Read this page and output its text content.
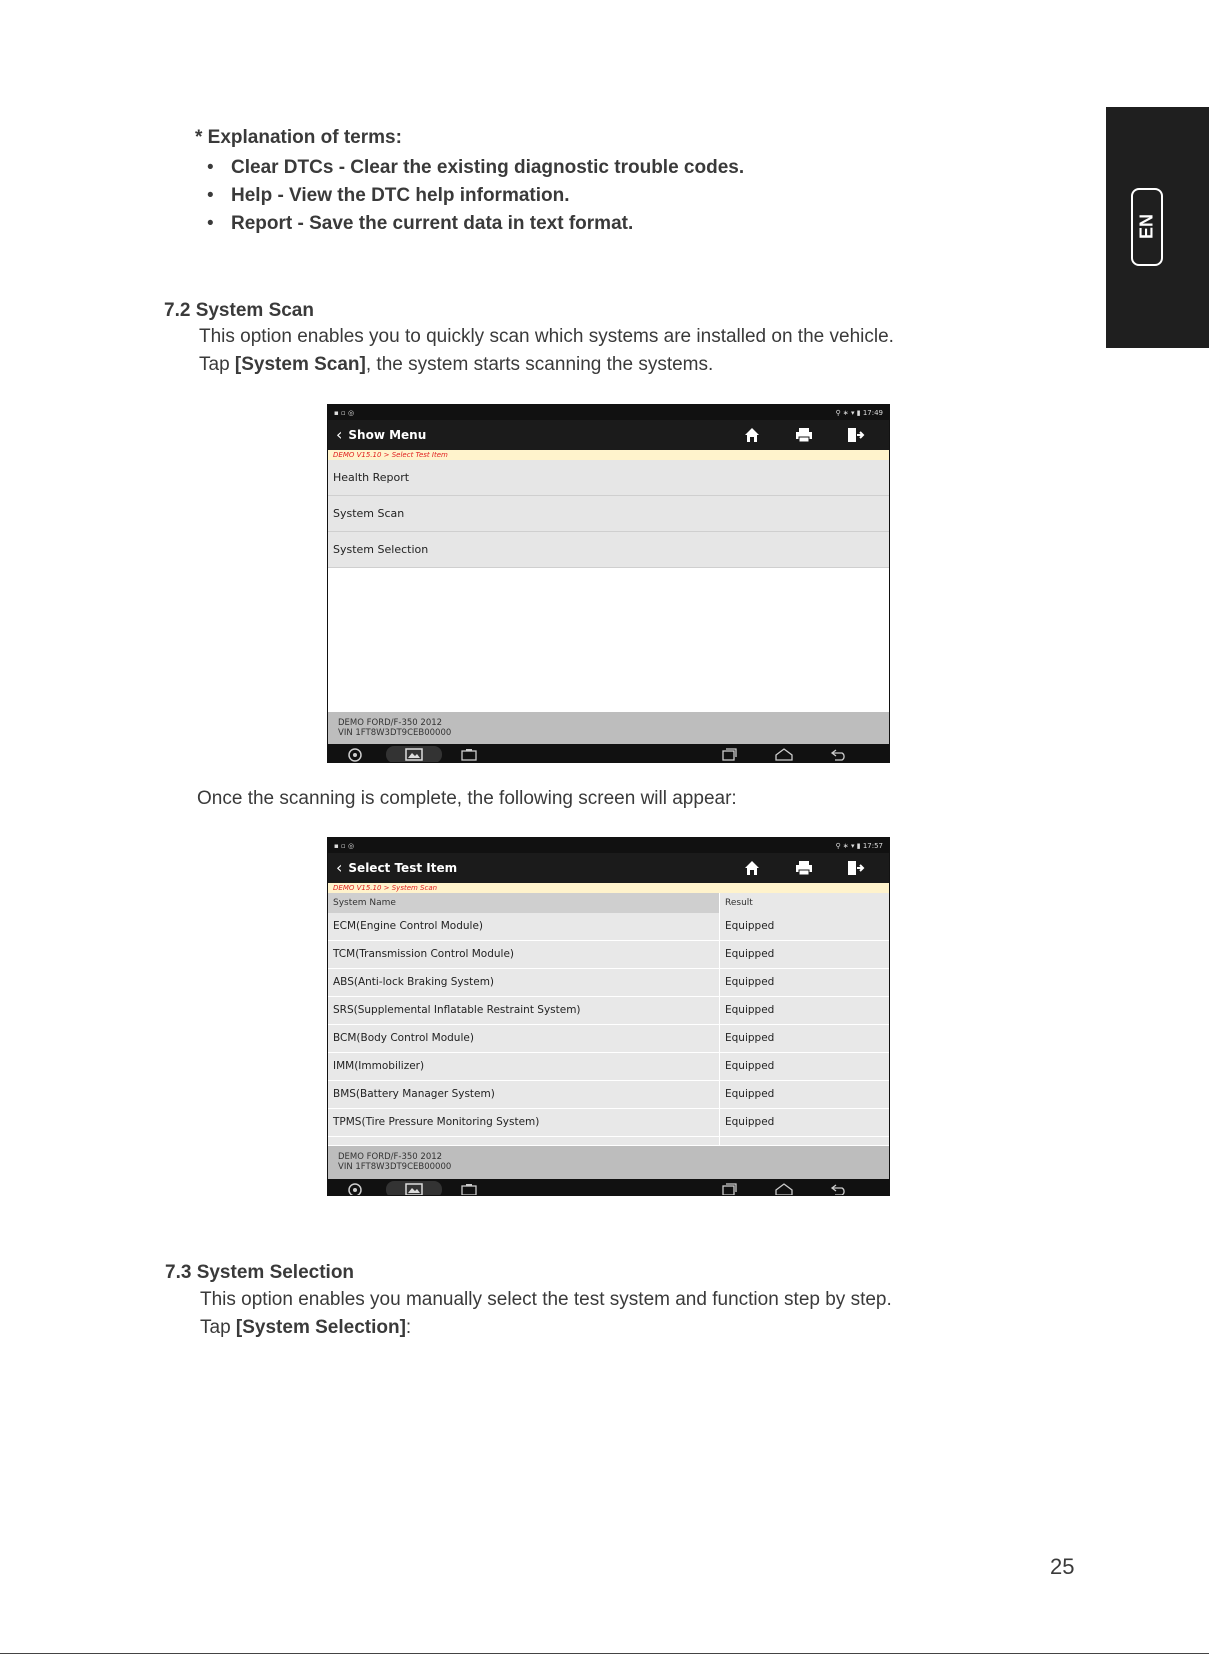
EN
* Explanation of terms:
• Clear DTCs - Clear the existing diagnostic trouble codes.
• Help - View the DTC help information.
• Report - Save the current data in text format.
7.2 System Scan
This option enables you to quickly scan which systems are installed on the vehicle.
Tap [System Scan], the system starts scanning the systems.
▪ ▫ ◎	⚲ ∗ ▾ ▮ 17:49
‹ Show Menu
DEMO V15.10 > Select Test Item
Health Report
System Scan
System Selection
DEMO FORD/F-350 2012
VIN 1FT8W3DT9CEB00000
Once the scanning is complete, the following screen will appear:
▪ ▫ ◎	⚲ ∗ ▾ ▮ 17:57
‹ Select Test Item
DEMO V15.10 > System Scan
System Name	Result
ECM(Engine Control Module)	Equipped
TCM(Transmission Control Module)	Equipped
ABS(Anti-lock Braking System)	Equipped
SRS(Supplemental Inflatable Restraint System)	Equipped
BCM(Body Control Module)	Equipped
IMM(Immobilizer)	Equipped
BMS(Battery Manager System)	Equipped
TPMS(Tire Pressure Monitoring System)	Equipped
DEMO FORD/F-350 2012
VIN 1FT8W3DT9CEB00000
7.3 System Selection
This option enables you manually select the test system and function step by step.
Tap [System Selection]:
25
